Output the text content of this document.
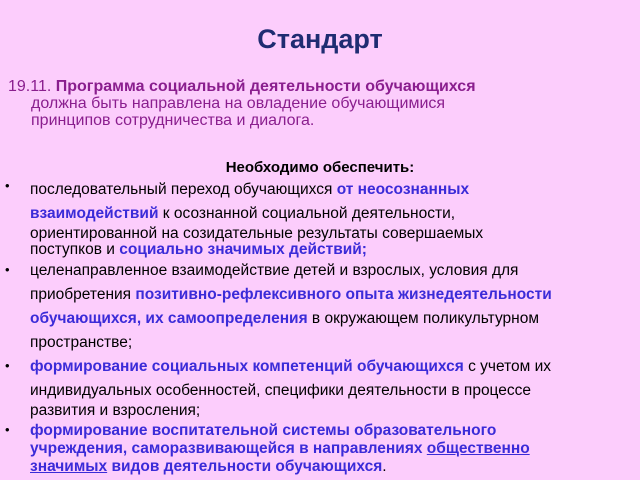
Стандарт
19.11. Программа социальной деятельности обучающихся
должна быть направлена на овладение обучающимися
принципов сотрудничества и диалога.
Необходимо обеспечить:
• последовательный переход обучающихся от неосознанных
взаимодействий к осознанной социальной деятельности,
ориентированной на созидательные результаты совершаемых
поступков и социально значимых действий;
• целенаправленное взаимодействие детей и взрослых, условия для
приобретения позитивно-рефлексивного опыта жизнедеятельности
обучающихся, их самоопределения в окружающем поликультурном
пространстве;
• формирование социальных компетенций обучающихся с учетом их
индивидуальных особенностей, специфики деятельности в процессе
развития и взросления;
• формирование воспитательной системы образовательного
учреждения, саморазвивающейся в направлениях общественно
значимых видов деятельности обучающихся.
